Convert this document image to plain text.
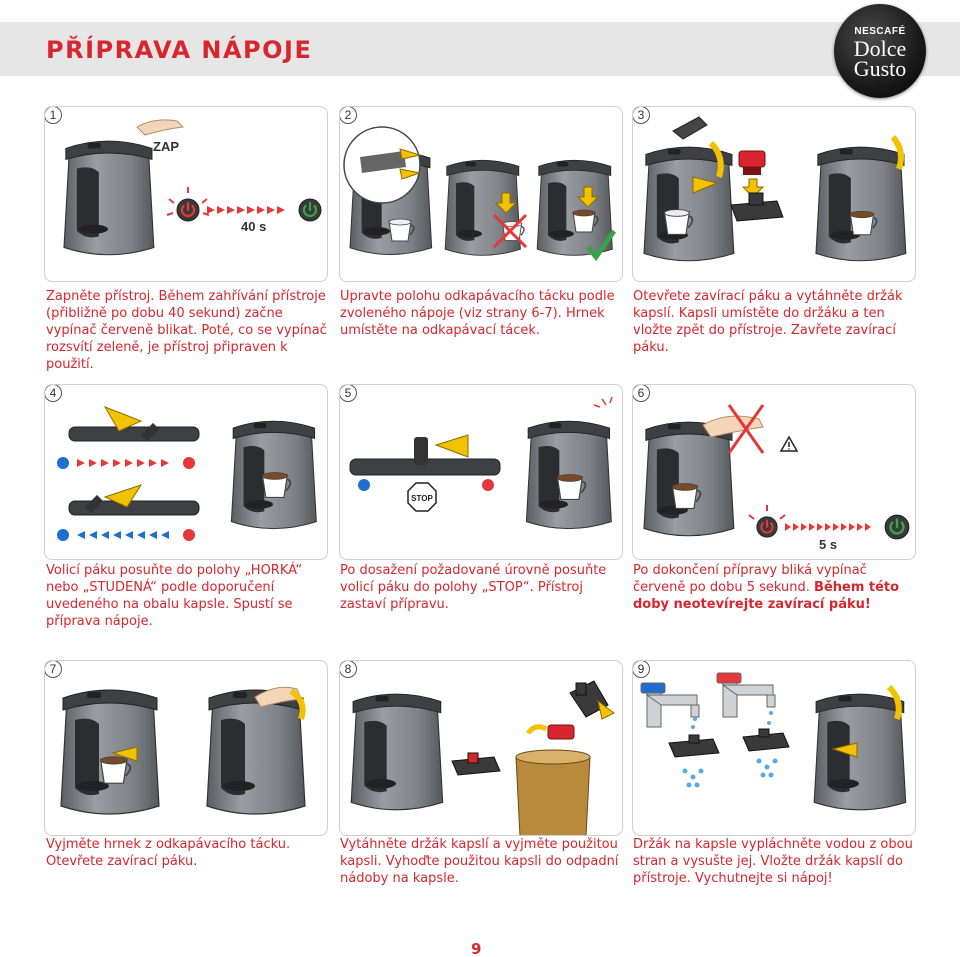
PŘÍPRAVA NÁPOJE
NESCAFÉ
Dolce
Gusto
ZAP
40 s
1
Zapněte přístroj. Během zahřívání přístroje (přibližně po dobu 40 sekund) začne vypínač červeně blikat. Poté, co se vypínač rozsvítí zeleně, je přístroj připraven k použití.
2
Upravte polohu odkapávacího tácku podle zvoleného nápoje (viz strany 6-7). Hrnek umístěte na odkapávací tácek.
3
Otevřete zavírací páku a vytáhněte držák kapslí. Kapsli umístěte do držáku a ten vložte zpět do přístroje. Zavřete zavírací páku.
4
Volicí páku posuňte do polohy „HORKÁ“ nebo „STUDENÁ“ podle doporučení uvedeného na obalu kapsle. Spustí se příprava nápoje.
STOP
5
Po dosažení požadované úrovně posuňte volicí páku do polohy „STOP“. Přístroj zastaví přípravu.
5 s
6
Po dokončení přípravy bliká vypínač červeně po dobu 5 sekund. Během této doby neotevírejte zavírací páku!
7
Vyjměte hrnek z odkapávacího tácku. Otevřete zavírací páku.
8
Vytáhněte držák kapslí a vyjměte použitou kapsli. Vyhoďte použitou kapsli do odpadní nádoby na kapsle.
9
Držák na kapsle vypláchněte vodou z obou stran a vysušte jej. Vložte držák kapslí do přístroje. Vychutnejte si nápoj!
9
